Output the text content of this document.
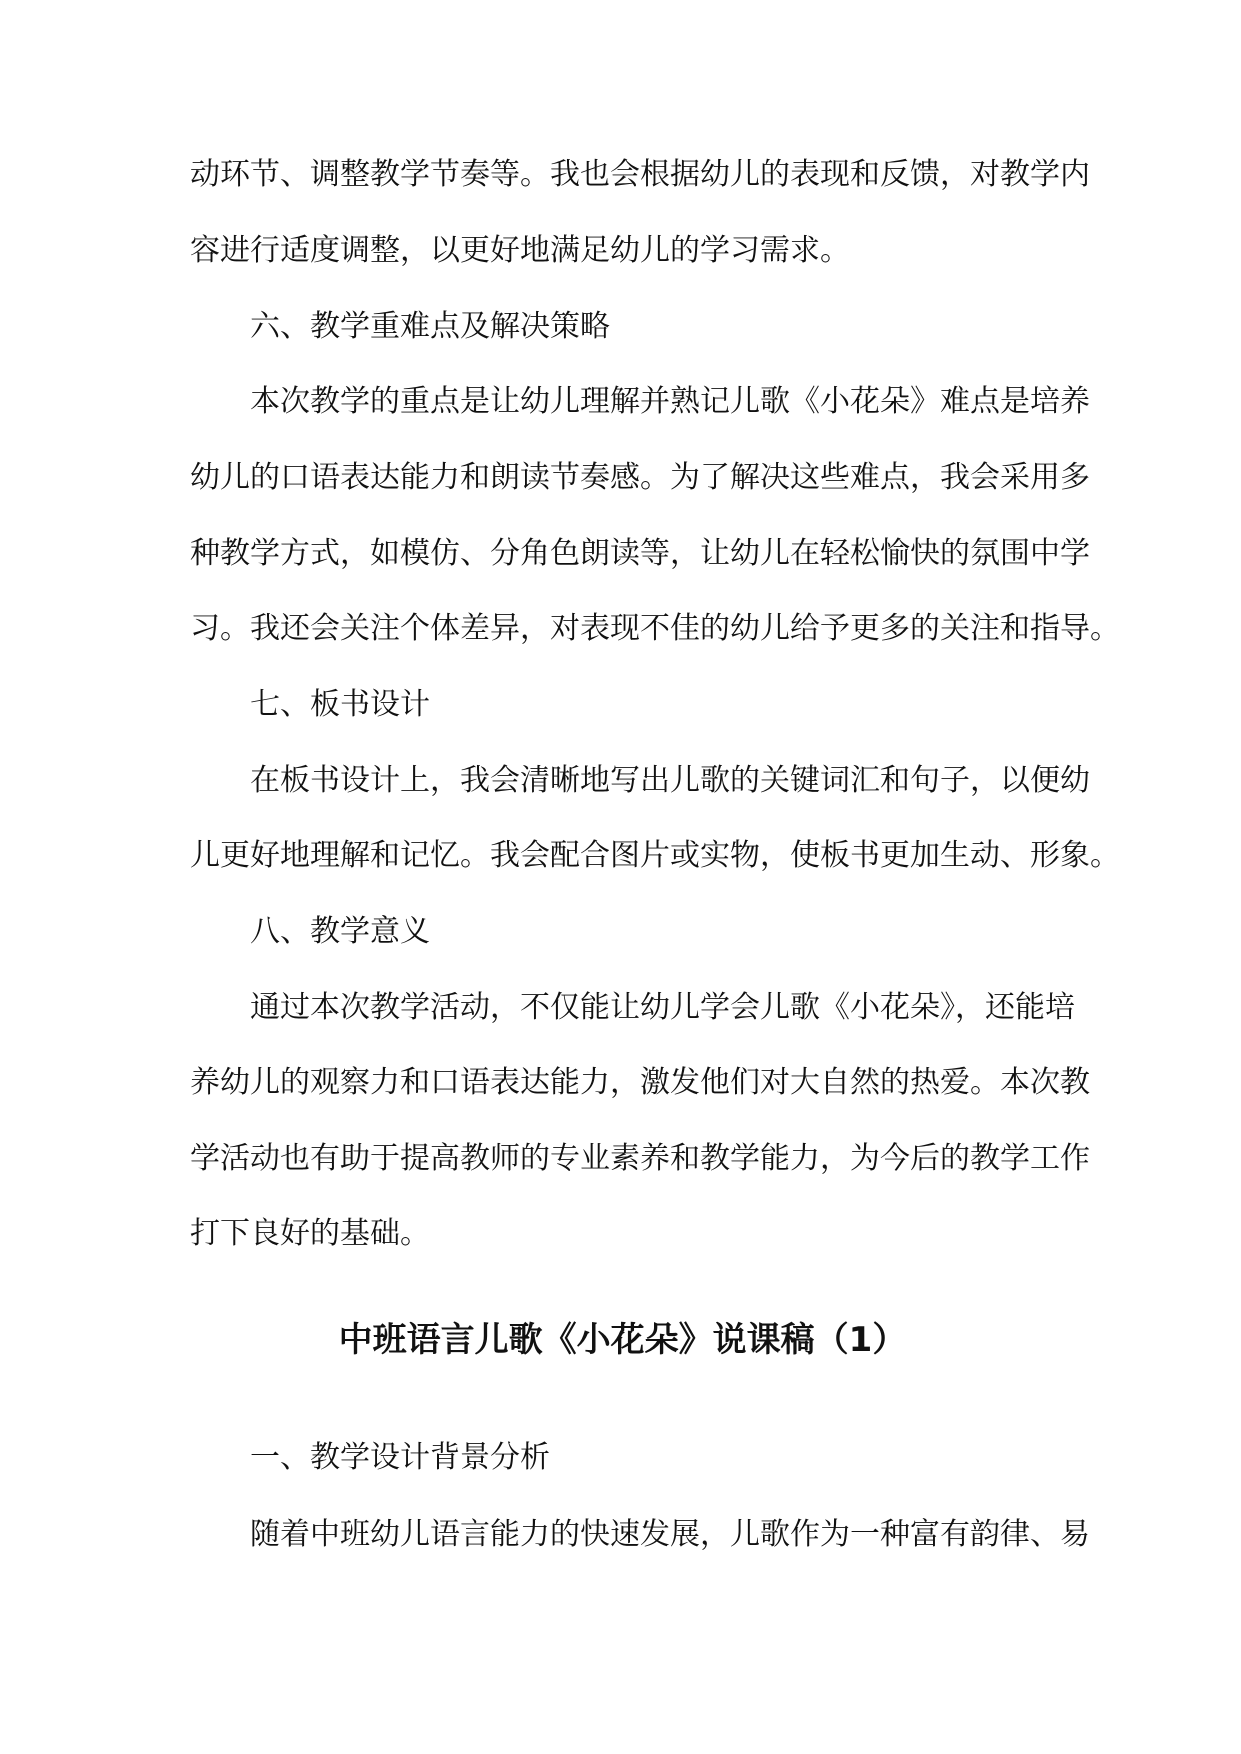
动环节、调整教学节奏等。我也会根据幼儿的表现和反馈，对教学内

容进行适度调整，以更好地满足幼儿的学习需求。

六、教学重难点及解决策略

本次教学的重点是让幼儿理解并熟记儿歌《小花朵》难点是培养

幼儿的口语表达能力和朗读节奏感。为了解决这些难点，我会采用多

种教学方式，如模仿、分角色朗读等，让幼儿在轻松愉快的氛围中学

习。我还会关注个体差异，对表现不佳的幼儿给予更多的关注和指导。

七、板书设计

在板书设计上，我会清晰地写出儿歌的关键词汇和句子，以便幼

儿更好地理解和记忆。我会配合图片或实物，使板书更加生动、形象。

八、教学意义

通过本次教学活动，不仅能让幼儿学会儿歌《小花朵》，还能培

养幼儿的观察力和口语表达能力，激发他们对大自然的热爱。本次教

学活动也有助于提高教师的专业素养和教学能力，为今后的教学工作

打下良好的基础。

中班语言儿歌《小花朵》说课稿（1）

一、教学设计背景分析

随着中班幼儿语言能力的快速发展，儿歌作为一种富有韵律、易
